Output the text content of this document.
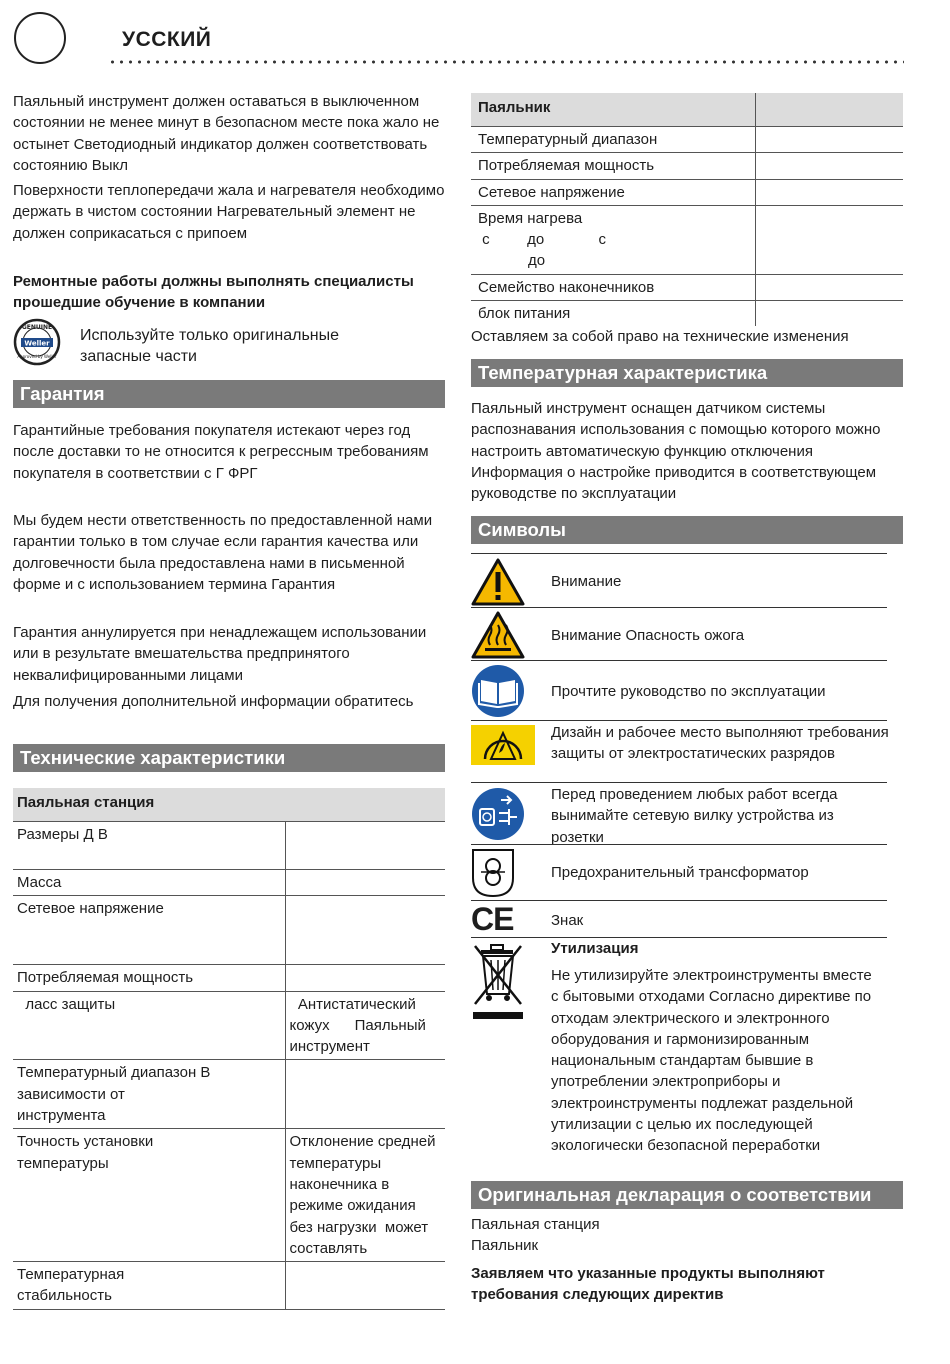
УССКИЙ

Паяльный инструмент должен оставаться в выключенном состоянии не менее минут в безопасном месте пока жало не остынет Светодиодный индикатор должен соответствовать состоянию Выкл

Поверхности теплопередачи жала и нагревателя необходимо держать в чистом состоянии Нагревательный элемент не должен соприкасаться с припоем

Ремонтные работы должны выполнять специалисты прошедшие обучение в компании

GENUINE
Weller
Approved by Weller

Используйте только оригинальные запасные части

Гарантия

Гарантийные требования покупателя истекают через год после доставки то не относится к регрессным требованиям покупателя в соответствии с Г ФРГ

Мы будем нести ответственность по предоставленной нами гарантии только в том случае если гарантия качества или долговечности была предоставлена нами в письменной форме и с использованием термина Гарантия

Гарантия аннулируется при ненадлежащем использовании или в результате вмешательства предпринятого неквалифицированными лицами

Для получения дополнительной информации обратитесь

Технические характеристики
Паяльная станция	
Размеры Д В	
Масса	
Сетевое напряжение	
Потребляемая мощность	
ласс защиты	Антистатический кожух      Паяльный инструмент
Температурный диапазон В зависимости от инструмента	
Точность установки температуры	Отклонение средней температуры наконечника в режиме ожидания  без нагрузки  может составлять
Температурная стабильность	
Паяльник	
Температурный диапазон	
Потребляемая мощность	
Сетевое напряжение	

Время нагрева
с         до             с
до	

Семейство наконечников	
блок питания	

Оставляем за собой право на технические изменения

Температурная характеристика

Паяльный инструмент оснащен датчиком системы распознавания использования с помощью которого можно настроить автоматическую функцию отключения Информация о настройке приводится в соответствующем руководстве по эксплуатации

Символы
Внимание
Внимание Опасность ожога
Прочтите руководство по эксплуатации
Дизайн и рабочее место выполняют требования защиты от электростатических разрядов
Перед проведением любых работ всегда вынимайте сетевую вилку устройства из розетки
Предохранительный трансформатор
CE	Знак
Утилизация
Не утилизируйте электроинструменты вместе с бытовыми отходами Согласно директиве по отходам электрического и электронного оборудования и гармонизированным национальным стандартам бывшие в употреблении электроприборы и электроинструменты подлежат раздельной утилизации с целью их последующей экологически безопасной переработки
Оригинальная декларация о соответствии

Паяльная станция

Паяльник

Заявляем что указанные продукты выполняют требования следующих директив
